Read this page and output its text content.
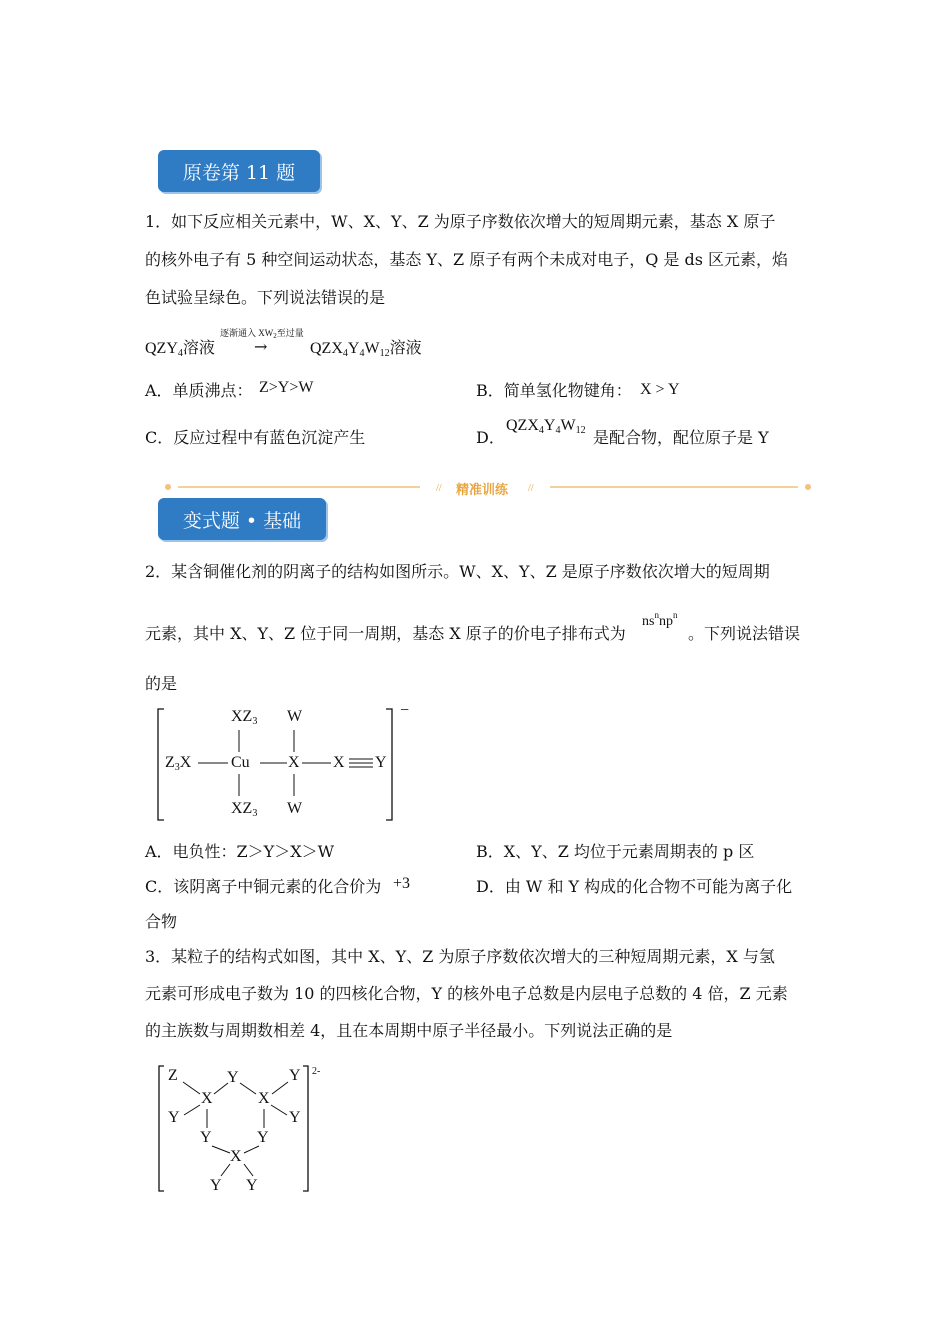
原卷第 11 题
1．如下反应相关元素中，W、X、Y、Z 为原子序数依次增大的短周期元素，基态 X 原子
的核外电子有 5 种空间运动状态，基态 Y、Z 原子有两个未成对电子，Q 是 ds 区元素，焰
色试验呈绿色。下列说法错误的是
$QZY_4$溶液
逐渐通入 $XW_2$至过量
→	$QZX_4Y_4W_{12}$溶液
A．单质沸点： Z>Y>W	B．简单氢化物键角： X > Y
C．反应过程中有蓝色沉淀产生	D．
$QZX_4Y_4W_{12}$ 是配合物，配位原子是 Y
//	//
精准训练
变式题 • 基础
2．某含铜催化剂的阴离子的结构如图所示。W、X、Y、Z 是原子序数依次增大的短周期
元素，其中 X、Y、Z 位于同一周期，基态 X 原子的价电子排布式为
$ns^nnp^n$
。下列说法错误
的是
$XZ_3$ W
$Z_3X$ Cu X X Y
$XZ_3$ W
−
A．电负性：Z＞Y＞X＞W	B．X、Y、Z 均位于元素周期表的 p 区
C．该阴离子中铜元素的化合价为 +3	D．由 W 和 Y 构成的化合物不可能为离子化
合物
3．某粒子的结构式如图，其中 X、Y、Z 为原子序数依次增大的三种短周期元素，X 与氢
元素可形成电子数为 10 的四核化合物，Y 的核外电子总数是内层电子总数的 4 倍，Z 元素
的主族数与周期数相差 4，且在本周期中原子半径最小。下列说法正确的是
Z	Y	Y 2-
X	X
Y	Y
Y	Y
X
Y Y
